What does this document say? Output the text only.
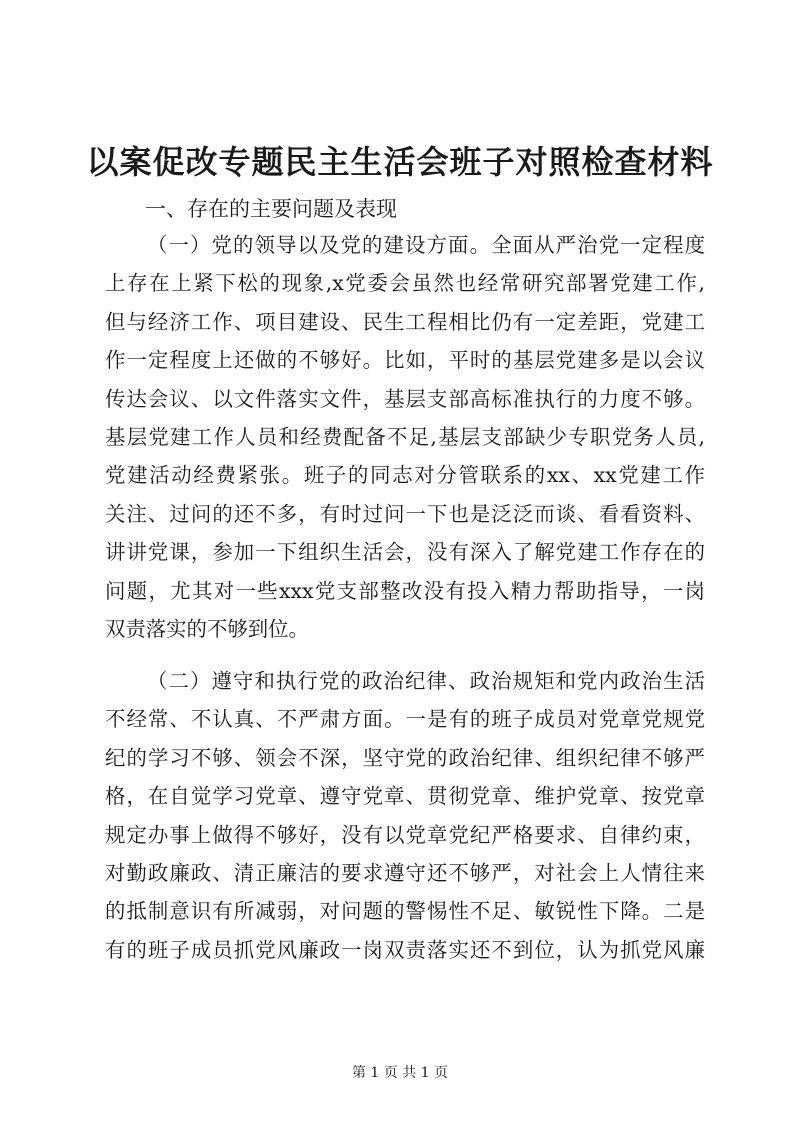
以案促改专题民主生活会班子对照检查材料

一、存在的主要问题及表现

（一）党的领导以及党的建设方面。全面从严治党一定程度
上存在上紧下松的现象,x党委会虽然也经常研究部署党建工作,
但与经济工作、项目建设、民生工程相比仍有一定差距，党建工
作一定程度上还做的不够好。比如，平时的基层党建多是以会议
传达会议、以文件落实文件，基层支部高标准执行的力度不够。
基层党建工作人员和经费配备不足,基层支部缺少专职党务人员,
党建活动经费紧张。班子的同志对分管联系的xx、xx党建工作
关注、过问的还不多，有时过问一下也是泛泛而谈、看看资料、
讲讲党课，参加一下组织生活会，没有深入了解党建工作存在的
问题，尤其对一些xxx党支部整改没有投入精力帮助指导，一岗
双责落实的不够到位。
（二）遵守和执行党的政治纪律、政治规矩和党内政治生活
不经常、不认真、不严肃方面。一是有的班子成员对党章党规党
纪的学习不够、领会不深，坚守党的政治纪律、组织纪律不够严
格，在自觉学习党章、遵守党章、贯彻党章、维护党章、按党章
规定办事上做得不够好，没有以党章党纪严格要求、自律约束，
对勤政廉政、清正廉洁的要求遵守还不够严，对社会上人情往来
的抵制意识有所减弱，对问题的警惕性不足、敏锐性下降。二是
有的班子成员抓党风廉政一岗双责落实还不到位，认为抓党风廉

第 1 页 共 1 页
